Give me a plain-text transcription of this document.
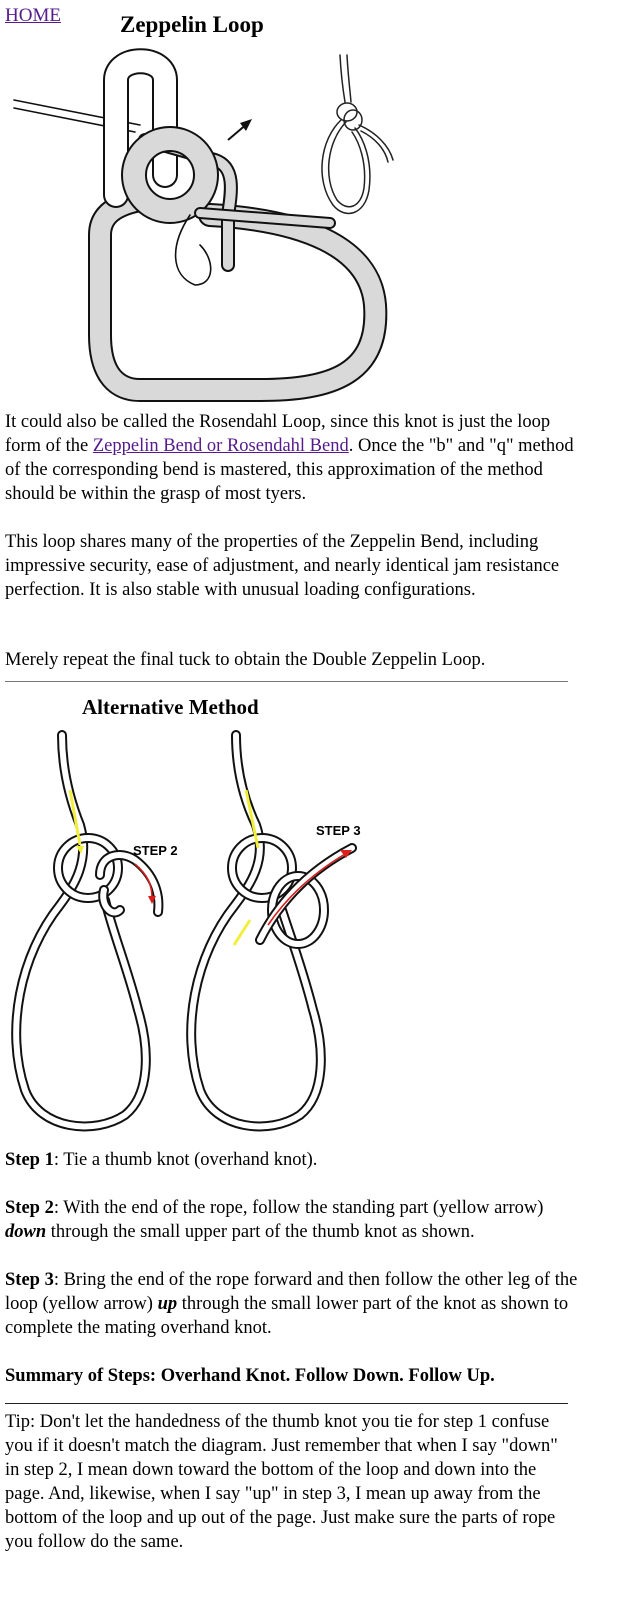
HOME	Zeppelin Loop

It could also be called the Rosendahl Loop, since this knot is just the loop form of the Zeppelin Bend or Rosendahl Bend. Once the "b" and "q" method of the corresponding bend is mastered, this approximation of the method should be within the grasp of most tyers.

This loop shares many of the properties of the Zeppelin Bend, including impressive security, ease of adjustment, and nearly identical jam resistance perfection. It is also stable with unusual loading configurations.

Merely repeat the final tuck to obtain the Double Zeppelin Loop.

Alternative Method
STEP 2
STEP 3

Step 1: Tie a thumb knot (overhand knot).

Step 2: With the end of the rope, follow the standing part (yellow arrow) down through the small upper part of the thumb knot as shown.

Step 3: Bring the end of the rope forward and then follow the other leg of the loop (yellow arrow) up through the small lower part of the knot as shown to complete the mating overhand knot.

Summary of Steps: Overhand Knot. Follow Down. Follow Up.

Tip: Don't let the handedness of the thumb knot you tie for step 1 confuse you if it doesn't match the diagram. Just remember that when I say "down" in step 2, I mean down toward the bottom of the loop and down into the page. And, likewise, when I say "up" in step 3, I mean up away from the bottom of the loop and up out of the page. Just make sure the parts of rope you follow do the same.
